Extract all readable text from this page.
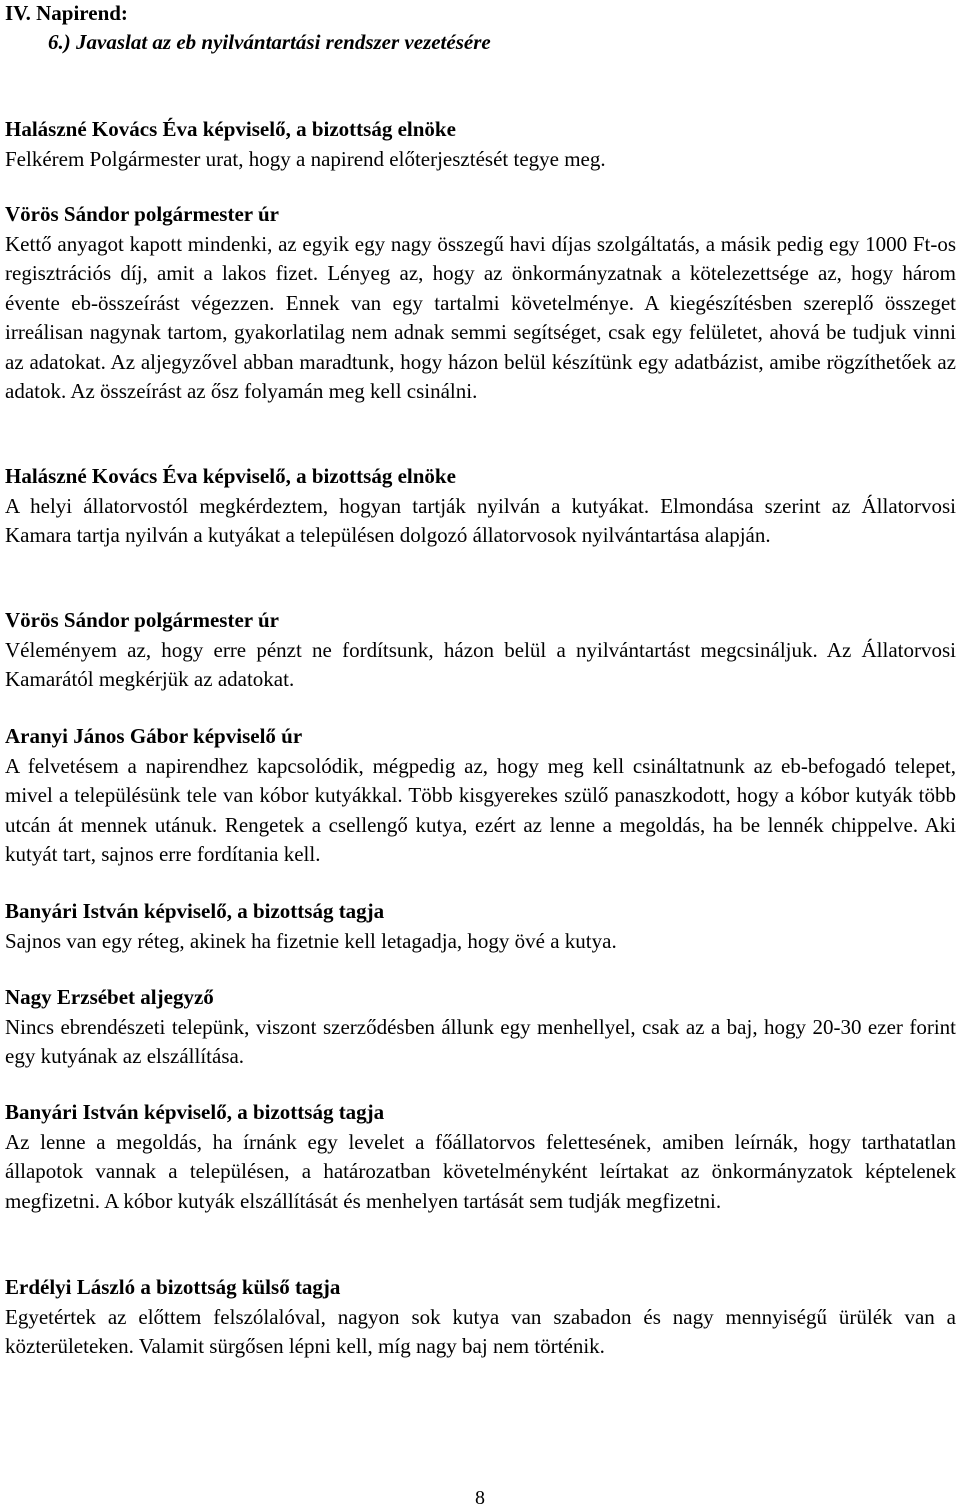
IV. Napirend:

6.) Javaslat az eb nyilvántartási rendszer vezetésére

Halászné Kovács Éva képviselő, a bizottság elnöke
Felkérem Polgármester urat, hogy a napirend előterjesztését tegye meg.
Vörös Sándor polgármester úr
Kettő anyagot kapott mindenki, az egyik egy nagy összegű havi díjas szolgáltatás, a másik pedig egy 1000 Ft-os regisztrációs díj, amit a lakos fizet. Lényeg az, hogy az önkormányzatnak a kötelezettsége az, hogy három évente eb-összeírást végezzen. Ennek van egy tartalmi követelménye. A kiegészítésben szereplő összeget irreálisan nagynak tartom, gyakorlatilag nem adnak semmi segítséget, csak egy felületet, ahová be tudjuk vinni az adatokat. Az aljegyzővel abban maradtunk, hogy házon belül készítünk egy adatbázist, amibe rögzíthetőek az adatok. Az összeírást az ősz folyamán meg kell csinálni.
Halászné Kovács Éva képviselő, a bizottság elnöke
A helyi állatorvostól megkérdeztem, hogyan tartják nyilván a kutyákat. Elmondása szerint az Állatorvosi Kamara tartja nyilván a kutyákat a településen dolgozó állatorvosok nyilvántartása alapján.
Vörös Sándor polgármester úr
Véleményem az, hogy erre pénzt ne fordítsunk, házon belül a nyilvántartást megcsináljuk. Az Állatorvosi Kamarától megkérjük az adatokat.
Aranyi János Gábor képviselő úr
A felvetésem a napirendhez kapcsolódik, mégpedig az, hogy meg kell csináltatnunk az eb-befogadó telepet, mivel a településünk tele van kóbor kutyákkal. Több kisgyerekes szülő panaszkodott, hogy a kóbor kutyák több utcán át mennek utánuk. Rengetek a csellengő kutya, ezért az lenne a megoldás, ha be lennék chippelve. Aki kutyát tart, sajnos erre fordítania kell.
Banyári István képviselő, a bizottság tagja
Sajnos van egy réteg, akinek ha fizetnie kell letagadja, hogy övé a kutya.
Nagy Erzsébet aljegyző
Nincs ebrendészeti telepünk, viszont szerződésben állunk egy menhellyel, csak az a baj, hogy 20-30 ezer forint egy kutyának az elszállítása.
Banyári István képviselő, a bizottság tagja
Az lenne a megoldás, ha írnánk egy levelet a főállatorvos felettesének, amiben leírnák, hogy tarthatatlan állapotok vannak a településen, a határozatban követelményként leírtakat az önkormányzatok képtelenek megfizetni. A kóbor kutyák elszállítását és menhelyen tartását sem tudják megfizetni.
Erdélyi László a bizottság külső tagja
Egyetértek az előttem felszólalóval, nagyon sok kutya van szabadon és nagy mennyiségű ürülék van a közterületeken. Valamit sürgősen lépni kell, míg nagy baj nem történik.
8
